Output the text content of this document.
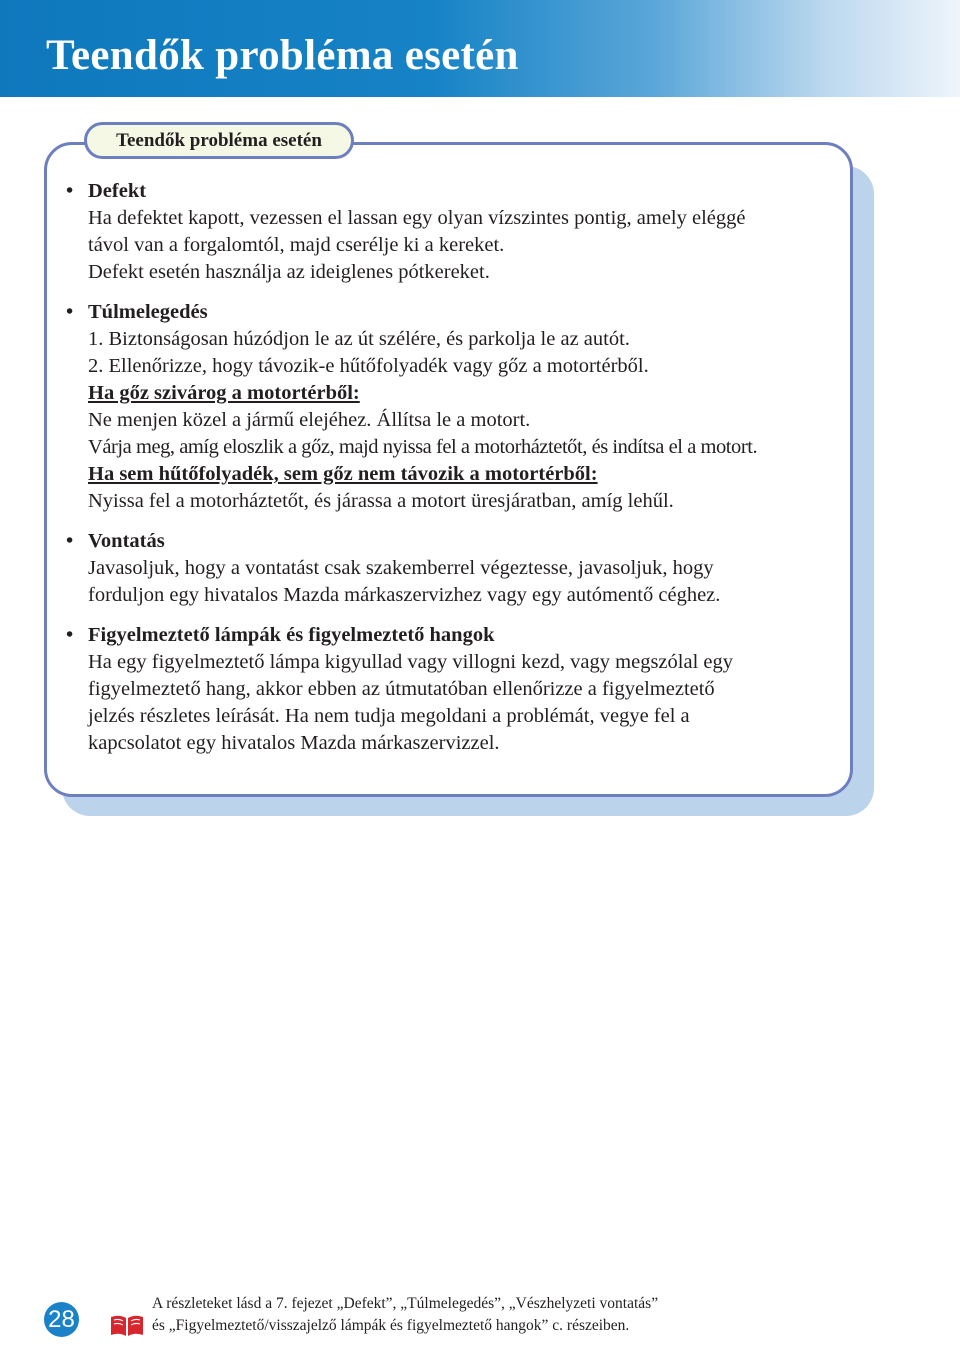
Teendők probléma esetén
Teendők probléma esetén
• Defekt
Ha defektet kapott, vezessen el lassan egy olyan vízszintes pontig, amely eléggé
távol van a forgalomtól, majd cserélje ki a kereket.
Defekt esetén használja az ideiglenes pótkereket.
• Túlmelegedés
1. Biztonságosan húzódjon le az út szélére, és parkolja le az autót.
2. Ellenőrizze, hogy távozik-e hűtőfolyadék vagy gőz a motortérből.
Ha gőz szivárog a motortérből:
Ne menjen közel a jármű elejéhez. Állítsa le a motort.
Várja meg, amíg eloszlik a gőz, majd nyissa fel a motorháztetőt, és indítsa el a motort.
Ha sem hűtőfolyadék, sem gőz nem távozik a motortérből:
Nyissa fel a motorháztetőt, és járassa a motort üresjáratban, amíg lehűl.
• Vontatás
Javasoljuk, hogy a vontatást csak szakemberrel végeztesse, javasoljuk, hogy
forduljon egy hivatalos Mazda márkaszervizhez vagy egy autómentő céghez.
• Figyelmeztető lámpák és figyelmeztető hangok
Ha egy figyelmeztető lámpa kigyullad vagy villogni kezd, vagy megszólal egy
figyelmeztető hang, akkor ebben az útmutatóban ellenőrizze a figyelmeztető
jelzés részletes leírását. Ha nem tudja megoldani a problémát, vegye fel a
kapcsolatot egy hivatalos Mazda márkaszervizzel.
28
A részleteket lásd a 7. fejezet „Defekt”, „Túlmelegedés”, „Vészhelyzeti vontatás”
és „Figyelmeztető/visszajelző lámpák és figyelmeztető hangok” c. részeiben.
